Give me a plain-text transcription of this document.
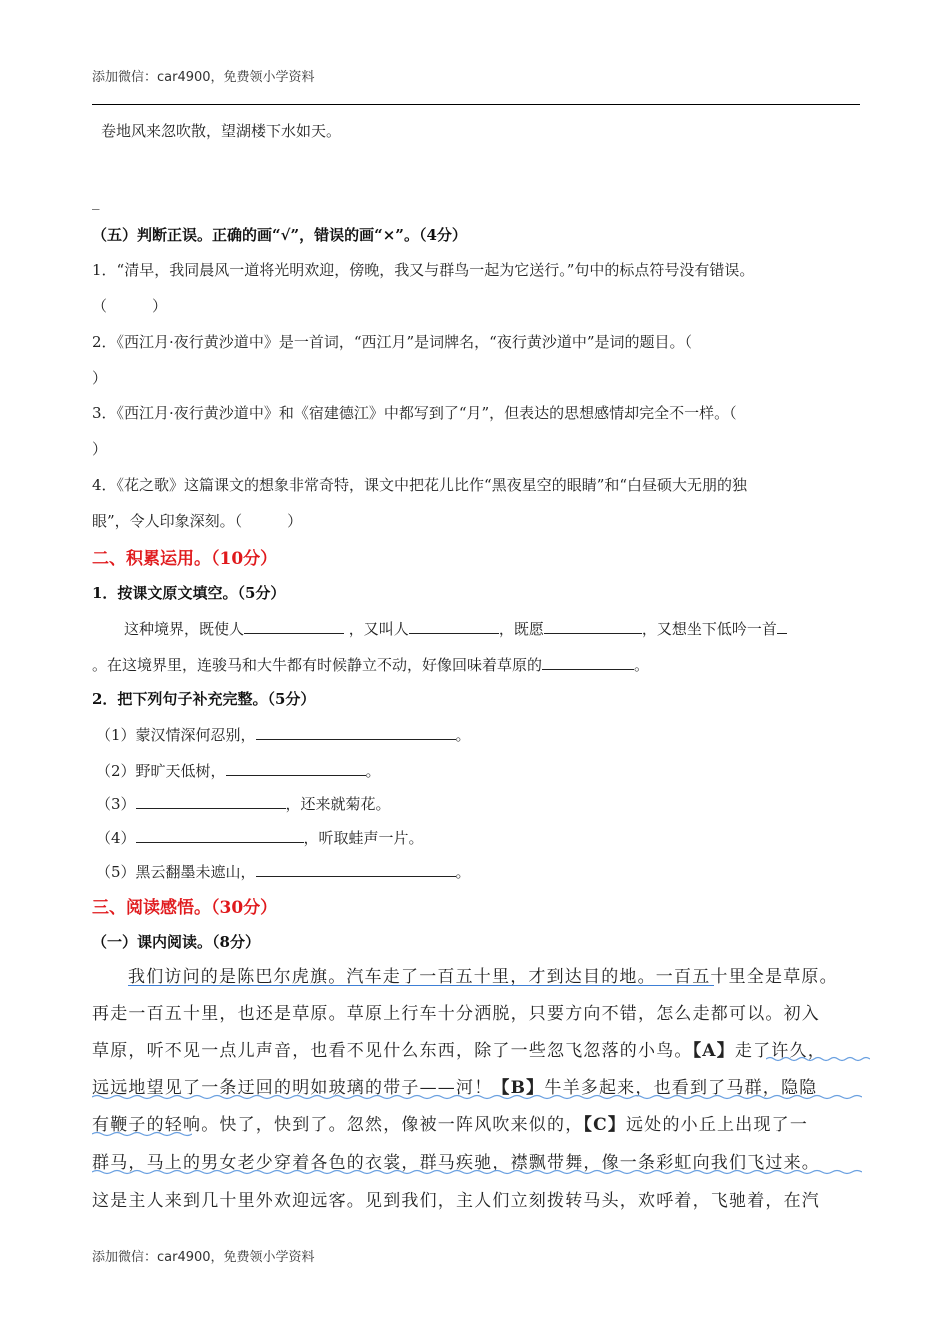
添加微信：car4900，免费领小学资料
卷地风来忽吹散，望湖楼下水如天。
_
（五）判断正误。正确的画“√”，错误的画“×”。（4分）
1．“清早，我同晨风一道将光明欢迎，傍晚，我又与群鸟一起为它送行。”句中的标点符号没有错误。
（　　　）
2．《西江月·夜行黄沙道中》是一首词，“西江月”是词牌名，“夜行黄沙道中”是词的题目。（
）
3．《西江月·夜行黄沙道中》和《宿建德江》中都写到了“月”，但表达的思想感情却完全不一样。（
）
4．《花之歌》这篇课文的想象非常奇特，课文中把花儿比作“黑夜星空的眼睛”和“白昼硕大无朋的独
眼”，令人印象深刻。（　　　）
二、积累运用。（10分）
1．按课文原文填空。（5分）
这种境界，既使人	，又叫人	，既愿	，又想坐下低吟一首
。在这境界里，连骏马和大牛都有时候静立不动，好像回味着草原的	。
2．把下列句子补充完整。（5分）
（1）蒙汉情深何忍别，	。
（2）野旷天低树，	。
（3）	，还来就菊花。
（4）	，听取蛙声一片。
（5）黑云翻墨未遮山，	。
三、阅读感悟。（30分）
（一）课内阅读。（8分）
我们访问的是陈巴尔虎旗。汽车走了一百五十里，才到达目的地。一百五十里全是草原。
再走一百五十里，也还是草原。草原上行车十分洒脱，只要方向不错，怎么走都可以。初入
草原，听不见一点儿声音，也看不见什么东西，除了一些忽飞忽落的小鸟。【A】走了许久，
远远地望见了一条迂回的明如玻璃的带子——河！【B】牛羊多起来，也看到了马群，隐隐
有鞭子的轻响。快了，快到了。忽然，像被一阵风吹来似的，【C】远处的小丘上出现了一
群马，马上的男女老少穿着各色的衣裳，群马疾驰，襟飘带舞，像一条彩虹向我们飞过来。
这是主人来到几十里外欢迎远客。见到我们，主人们立刻拨转马头，欢呼着，飞驰着，在汽
添加微信：car4900，免费领小学资料
